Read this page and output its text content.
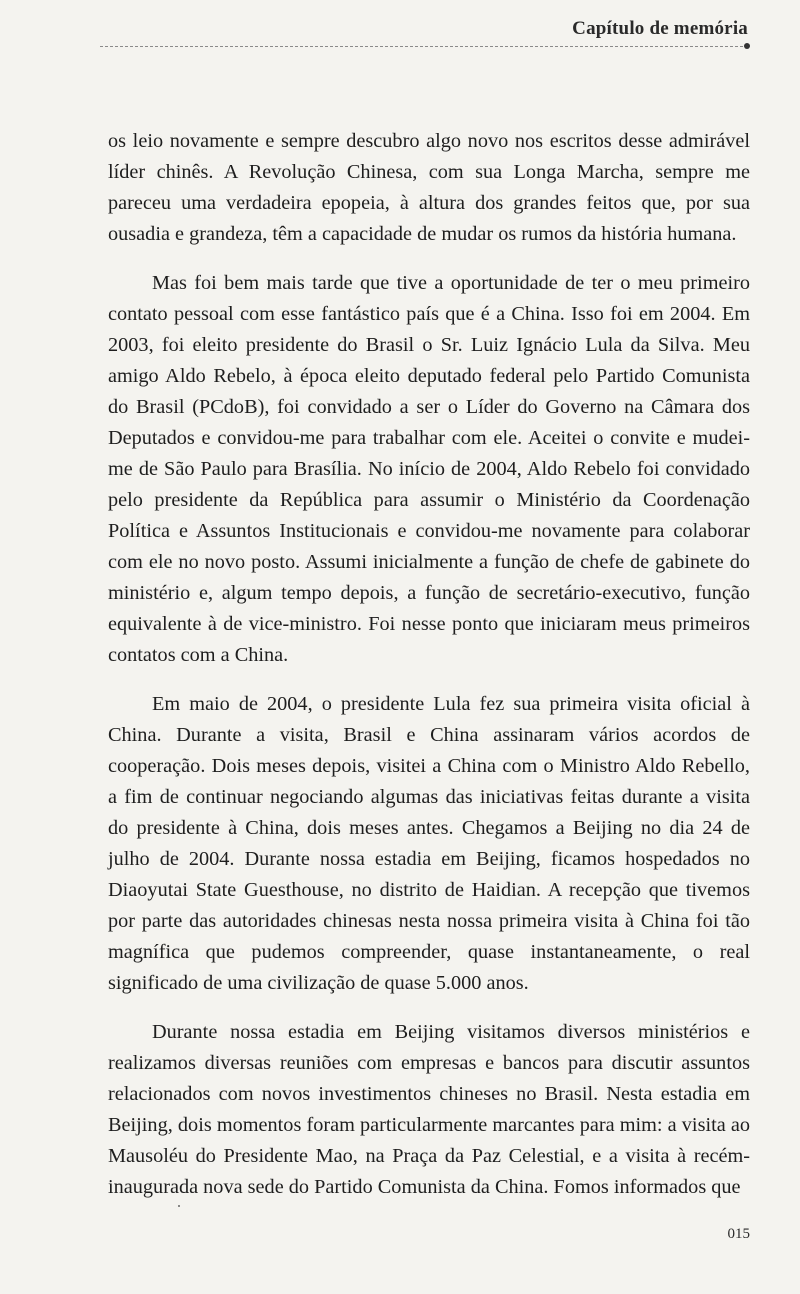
Capítulo de memória

os leio novamente e sempre descubro algo novo nos escritos desse admirável líder chinês. A Revolução Chinesa, com sua Longa Marcha, sempre me pareceu uma verdadeira epopeia, à altura dos grandes feitos que, por sua ousadia e grandeza, têm a capacidade de mudar os rumos da história humana.

Mas foi bem mais tarde que tive a oportunidade de ter o meu primeiro contato pessoal com esse fantástico país que é a China. Isso foi em 2004. Em 2003, foi eleito presidente do Brasil o Sr. Luiz Ignácio Lula da Silva. Meu amigo Aldo Rebelo, à época eleito deputado federal pelo Partido Comunista do Brasil (PCdoB), foi convidado a ser o Líder do Governo na Câmara dos Deputados e convidou-me para trabalhar com ele. Aceitei o convite e mudei-me de São Paulo para Brasília. No início de 2004, Aldo Rebelo foi convidado pelo presidente da República para assumir o Ministério da Coordenação Política e Assuntos Institucionais e convidou-me novamente para colaborar com ele no novo posto. Assumi inicialmente a função de chefe de gabinete do ministério e, algum tempo depois, a função de secretário-executivo, função equivalente à de vice-ministro. Foi nesse ponto que iniciaram meus primeiros contatos com a China.

Em maio de 2004, o presidente Lula fez sua primeira visita oficial à China. Durante a visita, Brasil e China assinaram vários acordos de cooperação. Dois meses depois, visitei a China com o Ministro Aldo Rebello, a fim de continuar negociando algumas das iniciativas feitas durante a visita do presidente à China, dois meses antes. Chegamos a Beijing no dia 24 de julho de 2004. Durante nossa estadia em Beijing, ficamos hospedados no Diaoyutai State Guesthouse, no distrito de Haidian. A recepção que tivemos por parte das autoridades chinesas nesta nossa primeira visita à China foi tão magnífica que pudemos compreender, quase instantaneamente, o real significado de uma civilização de quase 5.000 anos.

Durante nossa estadia em Beijing visitamos diversos ministérios e realizamos diversas reuniões com empresas e bancos para discutir assuntos relacionados com novos investimentos chineses no Brasil. Nesta estadia em Beijing, dois momentos foram particularmente marcantes para mim: a visita ao Mausoléu do Presidente Mao, na Praça da Paz Celestial, e a visita à recém-inaugurada nova sede do Partido Comunista da China. Fomos informados que

015
